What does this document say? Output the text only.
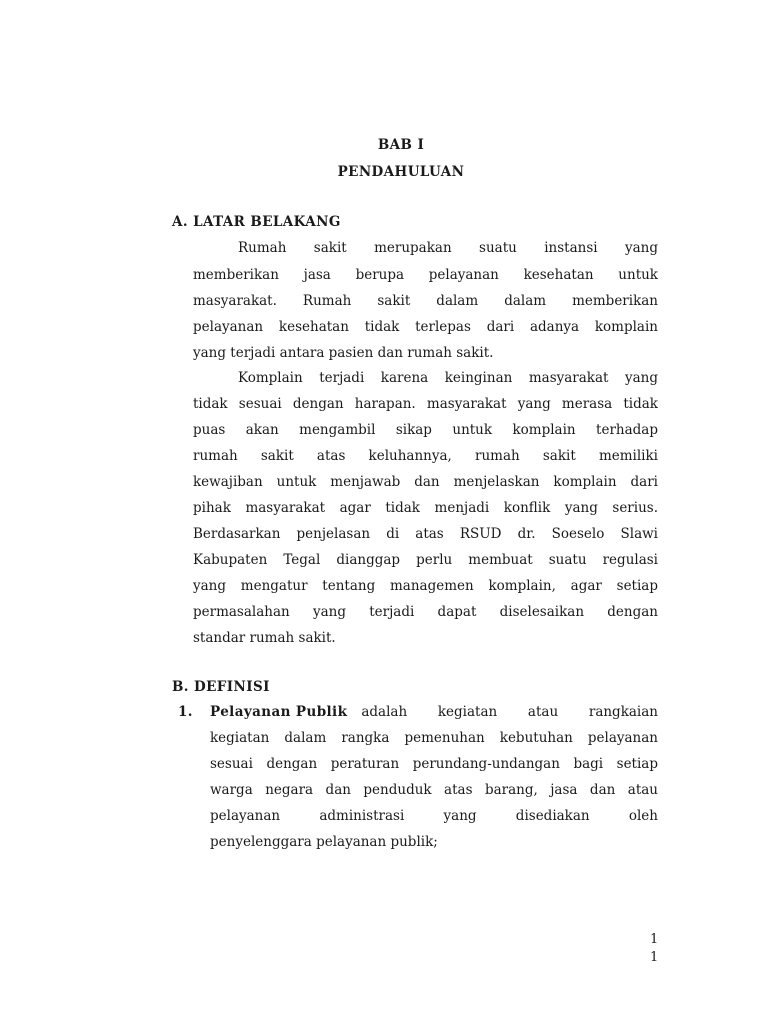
BAB I
PENDAHULUAN
A. LATAR BELAKANG
Rumah sakit merupakan suatu instansi yang
memberikan jasa berupa pelayanan kesehatan untuk
masyarakat. Rumah sakit dalam dalam memberikan
pelayanan kesehatan tidak terlepas dari adanya komplain
yang terjadi antara pasien dan rumah sakit.
Komplain terjadi karena keinginan masyarakat yang
tidak sesuai dengan harapan. masyarakat yang merasa tidak
puas akan mengambil sikap untuk komplain terhadap
rumah sakit atas keluhannya, rumah sakit memiliki
kewajiban untuk menjawab dan menjelaskan komplain dari
pihak masyarakat agar tidak menjadi konflik yang serius.
Berdasarkan penjelasan di atas RSUD dr. Soeselo Slawi
Kabupaten Tegal dianggap perlu membuat suatu regulasi
yang mengatur tentang managemen komplain, agar setiap
permasalahan yang terjadi dapat diselesaikan dengan
standar rumah sakit.
B. DEFINISI
1. Pelayanan Publik adalah kegiatan atau rangkaian
kegiatan dalam rangka pemenuhan kebutuhan pelayanan
sesuai dengan peraturan perundang-undangan bagi setiap
warga negara dan penduduk atas barang, jasa dan atau
pelayanan administrasi yang disediakan oleh
penyelenggara pelayanan publik;
1
1
